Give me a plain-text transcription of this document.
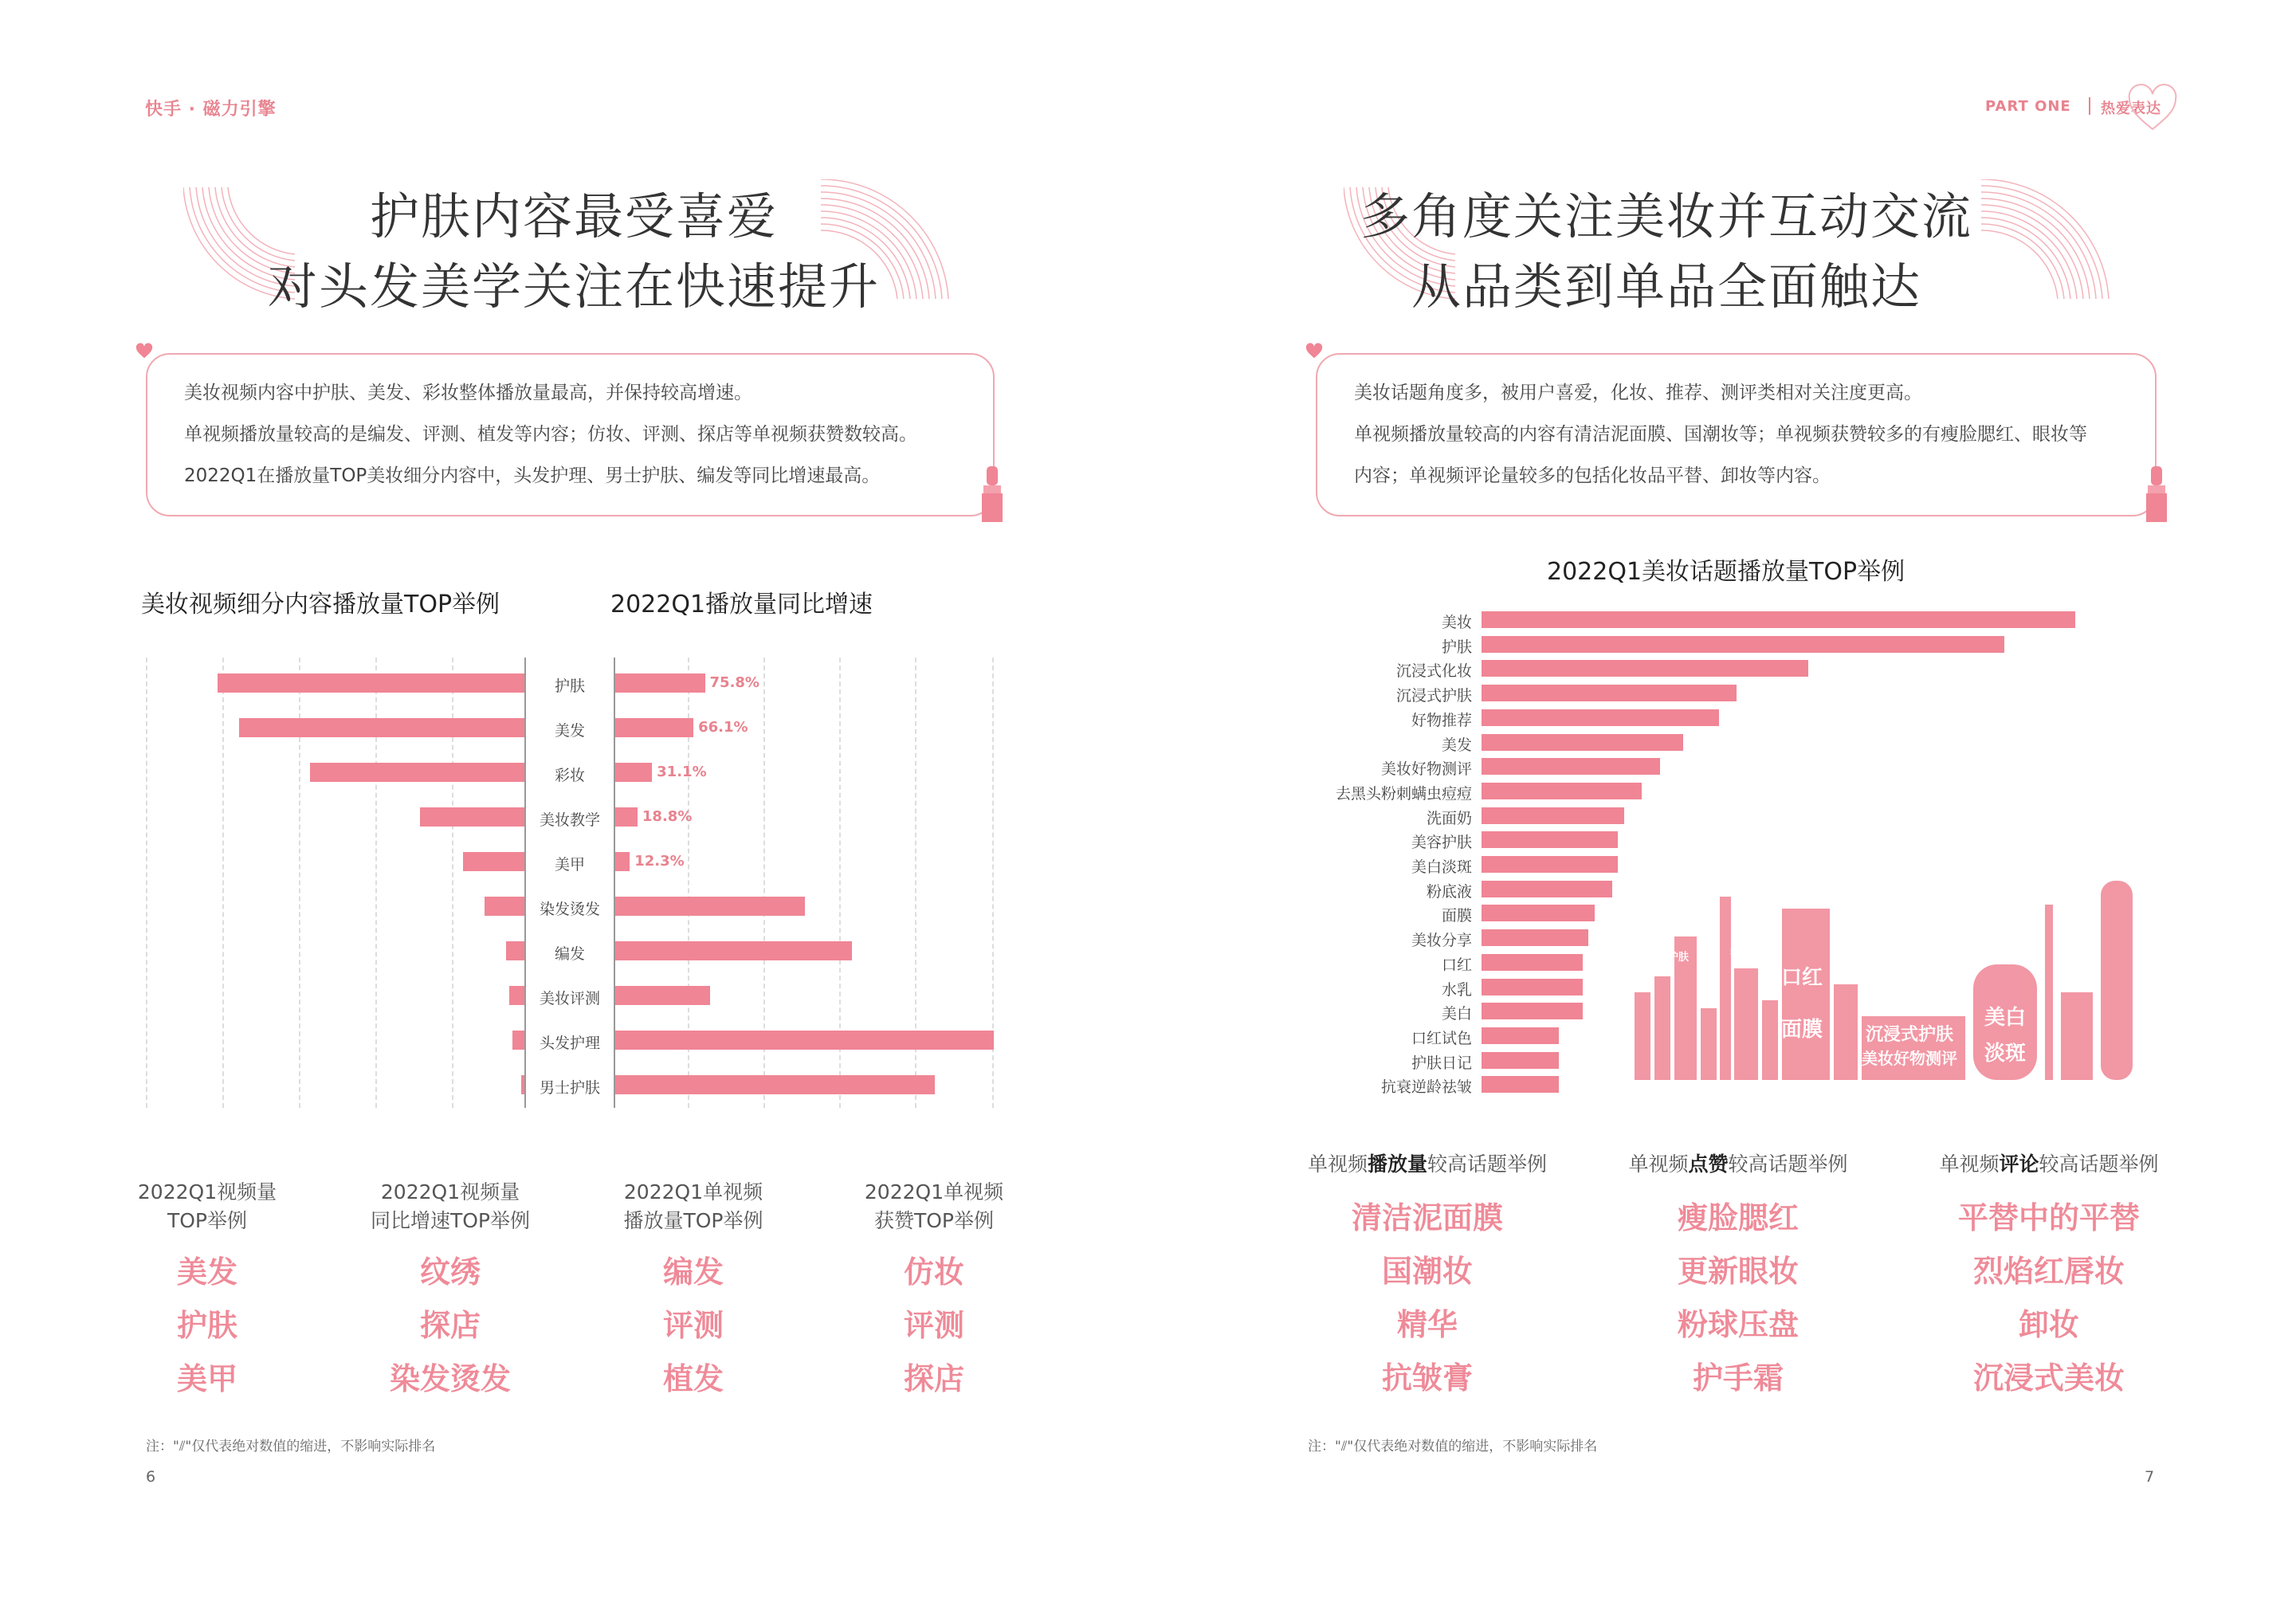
快手 · 磁力引擎
护肤内容最受喜爱
对头发美学关注在快速提升

美妆视频内容中护肤、美发、彩妆整体播放量最高，并保持较高增速。

单视频播放量较高的是编发、评测、植发等内容；仿妆、评测、探店等单视频获赞数较高。

2022Q1在播放量TOP美妆细分内容中，头发护理、男士护肤、编发等同比增速最高。

美妆视频细分内容播放量TOP举例	2022Q1播放量同比增速
护肤	75.8%
美发	66.1%
彩妆	31.1%
美妆教学	18.8%
美甲	12.3%
染发烫发
编发
美妆评测
头发护理
男士护肤
2022Q1视频量
TOP举例
美发
护肤
美甲
2022Q1视频量
同比增速TOP举例
纹绣
探店
染发烫发
2022Q1单视频
播放量TOP举例
编发
评测
植发
2022Q1单视频
获赞TOP举例
仿妆
评测
探店
注："⫽"仅代表绝对数值的缩进，不影响实际排名
6
PART ONE 热爱表达
多角度关注美妆并互动交流
从品类到单品全面触达

美妆话题角度多，被用户喜爱，化妆、推荐、测评类相对关注度更高。

单视频播放量较高的内容有清洁泥面膜、国潮妆等；单视频获赞较多的有瘦脸腮红、眼妆等

内容；单视频评论量较多的包括化妆品平替、卸妆等内容。

2022Q1美妆话题播放量TOP举例
美妆
护肤
沉浸式化妆
沉浸式护肤
好物推荐
美发
美妆好物测评
去黑头粉刺螨虫痘痘
洗面奶
美容护肤
美白淡斑
粉底液
面膜
美妆分享
口红
水乳
美白
口红试色
护肤日记
抗衰逆龄祛皱
口红
面膜	美白
淡斑
沉浸式护肤
美妆好物测评
美发
护肤
单视频播放量较高话题举例
清洁泥面膜
国潮妆
精华
抗皱膏
单视频点赞较高话题举例
瘦脸腮红
更新眼妆
粉球压盘
护手霜
单视频评论较高话题举例
平替中的平替
烈焰红唇妆
卸妆
沉浸式美妆
注："⫽"仅代表绝对数值的缩进，不影响实际排名
7
